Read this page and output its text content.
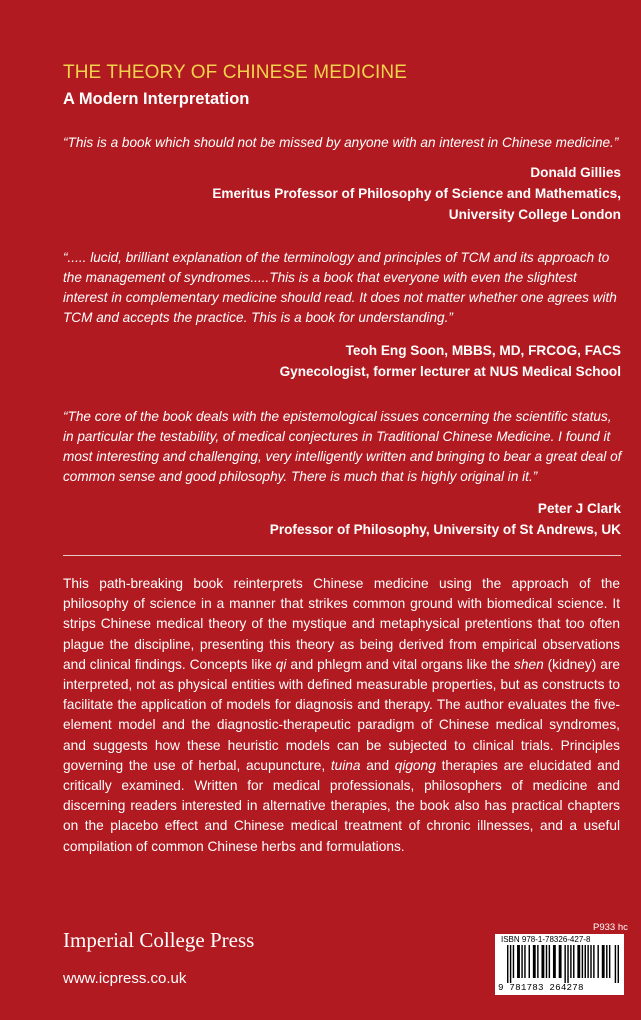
THE THEORY OF CHINESE MEDICINE
A Modern Interpretation
“This is a book which should not be missed by anyone with an interest in Chinese medicine.”
Donald Gillies
Emeritus Professor of Philosophy of Science and Mathematics,
University College London
“..... lucid, brilliant explanation of the terminology and principles of TCM and its approach to the management of syndromes.....This is a book that everyone with even the slightest interest in complementary medicine should read. It does not matter whether one agrees with TCM and accepts the practice. This is a book for understanding.”
Teoh Eng Soon, MBBS, MD, FRCOG, FACS
Gynecologist, former lecturer at NUS Medical School
“The core of the book deals with the epistemological issues concerning the scientific status, in particular the testability, of medical conjectures in Traditional Chinese Medicine. I found it most interesting and challenging, very intelligently written and bringing to bear a great deal of common sense and good philosophy. There is much that is highly original in it.”
Peter J Clark
Professor of Philosophy, University of St Andrews, UK
This path-breaking book reinterprets Chinese medicine using the approach of the philosophy of science in a manner that strikes common ground with biomedical science. It strips Chinese medical theory of the mystique and metaphysical pretentions that too often plague the discipline, presenting this theory as being derived from empirical observations and clinical findings. Concepts like qi and phlegm and vital organs like the shen (kidney) are interpreted, not as physical entities with defined measurable properties, but as constructs to facilitate the application of models for diagnosis and therapy. The author evaluates the five-element model and the diagnostic-therapeutic paradigm of Chinese medical syndromes, and suggests how these heuristic models can be subjected to clinical trials. Principles governing the use of herbal, acupuncture, tuina and qigong therapies are elucidated and critically examined. Written for medical professionals, philosophers of medicine and discerning readers interested in alternative therapies, the book also has practical chapters on the placebo effect and Chinese medical treatment of chronic illnesses, and a useful compilation of common Chinese herbs and formulations.
Imperial College Press
www.icpress.co.uk
P933 hc
ISBN 978-1-78326-427-8
9 781783 264278
